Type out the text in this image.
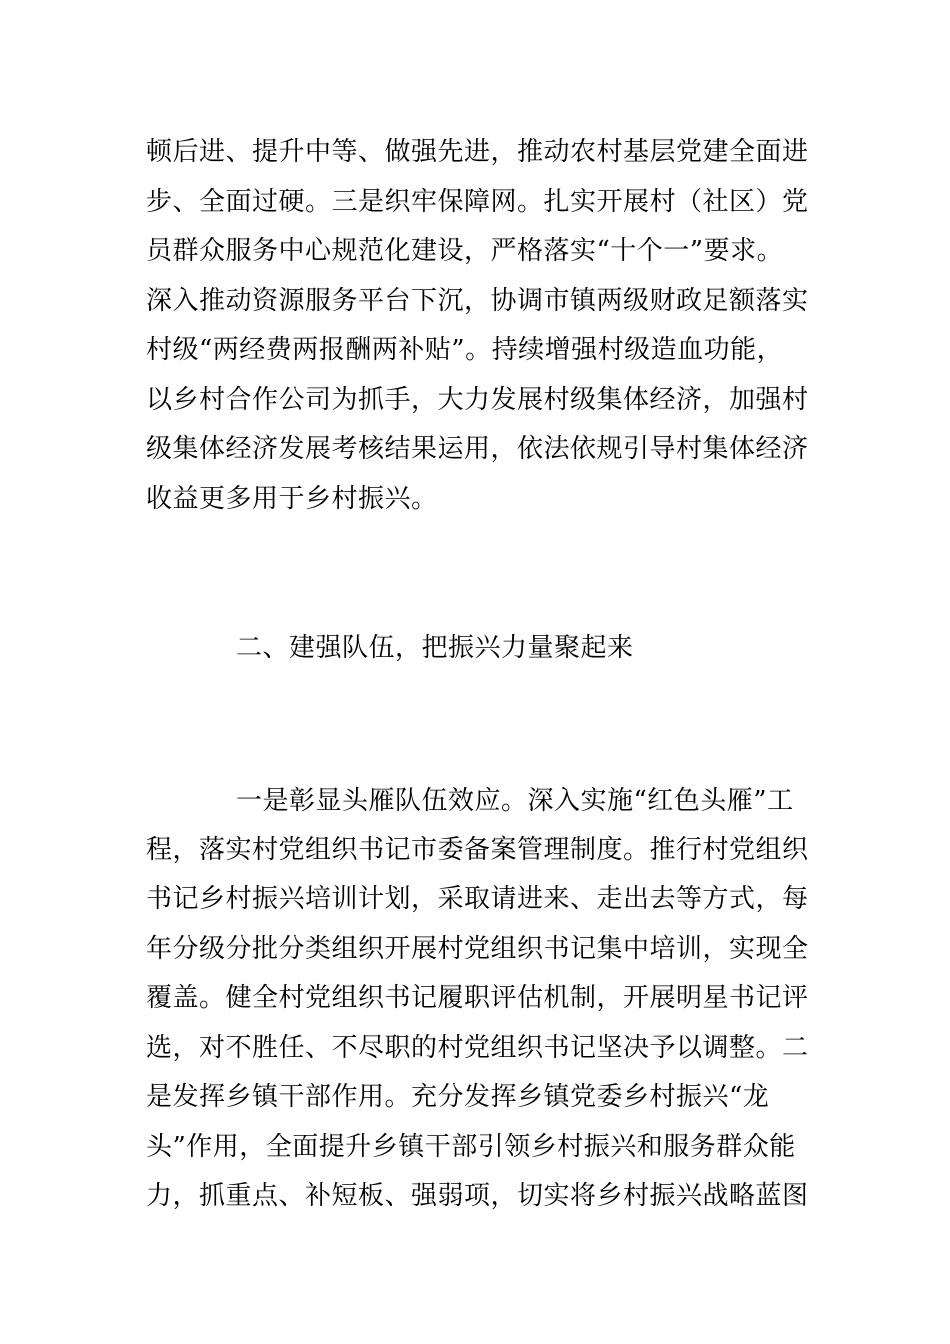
顿后进、提升中等、做强先进，推动农村基层党建全面进
步、全面过硬。三是织牢保障网。扎实开展村（社区）党
员群众服务中心规范化建设，严格落实“十个一”要求。
深入推动资源服务平台下沉，协调市镇两级财政足额落实
村级“两经费两报酬两补贴”。持续增强村级造血功能，
以乡村合作公司为抓手，大力发展村级集体经济，加强村
级集体经济发展考核结果运用，依法依规引导村集体经济
收益更多用于乡村振兴。
二、建强队伍，把振兴力量聚起来
一是彰显头雁队伍效应。深入实施“红色头雁”工
程，落实村党组织书记市委备案管理制度。推行村党组织
书记乡村振兴培训计划，采取请进来、走出去等方式，每
年分级分批分类组织开展村党组织书记集中培训，实现全
覆盖。健全村党组织书记履职评估机制，开展明星书记评
选，对不胜任、不尽职的村党组织书记坚决予以调整。二
是发挥乡镇干部作用。充分发挥乡镇党委乡村振兴“龙
头”作用，全面提升乡镇干部引领乡村振兴和服务群众能
力，抓重点、补短板、强弱项，切实将乡村振兴战略蓝图
